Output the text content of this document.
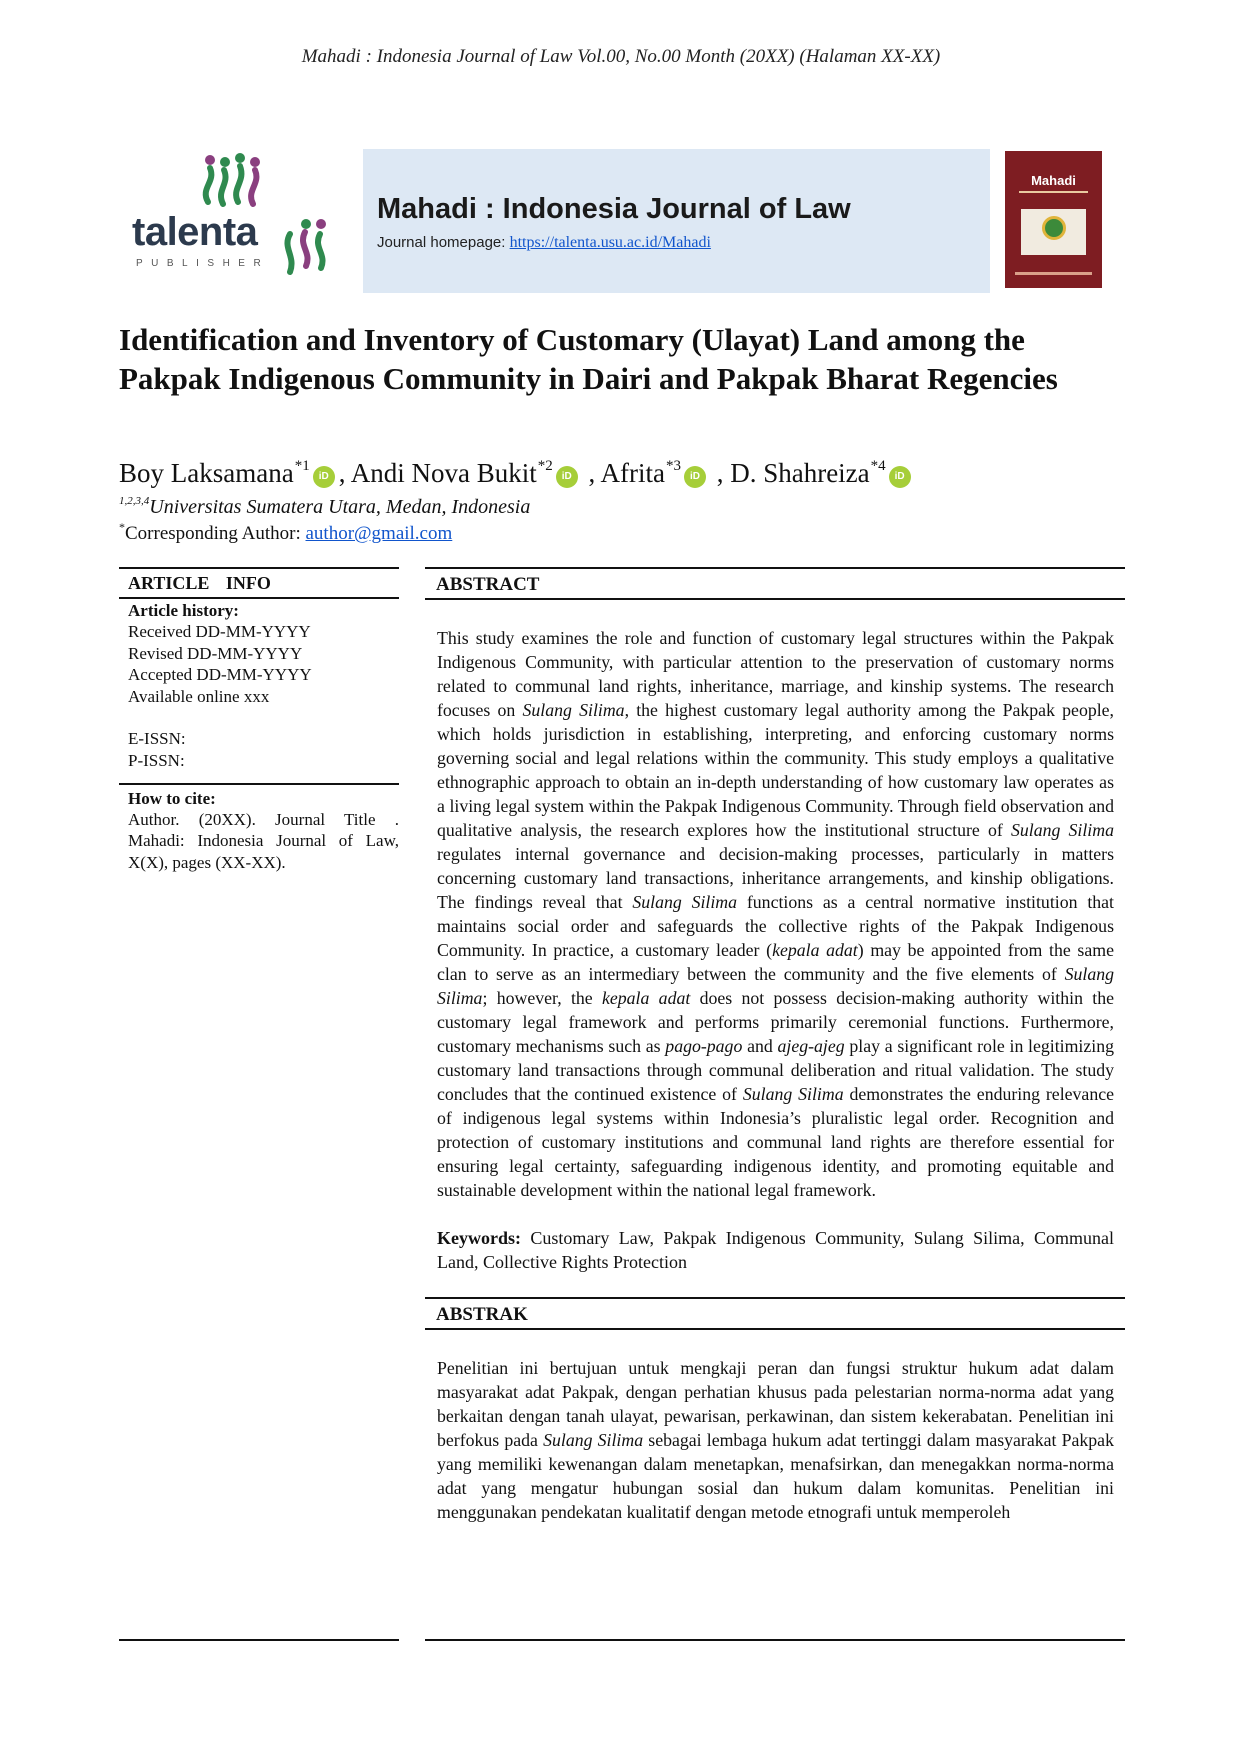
Mahadi : Indonesia Journal of Law Vol.00, No.00 Month (20XX) (Halaman XX-XX)
talenta
PUBLISHER
Mahadi : Indonesia Journal of Law
Journal homepage: https://talenta.usu.ac.id/Mahadi
Mahadi
Identification and Inventory of Customary (Ulayat) Land among the Pakpak Indigenous Community in Dairi and Pakpak Bharat Regencies
Boy Laksamana$^{*1}$iD , Andi Nova Bukit$^{*2}$iD , Afrita$^{*3}$iD , D. Shahreiza$^{*4}$iD
$^{1,2,3,4}$Universitas Sumatera Utara, Medan, Indonesia
*Corresponding Author: author@gmail.com
ARTICLE INFO
Article history:
Received DD-MM-YYYY
Revised DD-MM-YYYY
Accepted DD-MM-YYYY
Available online xxx
E-ISSN:
P-ISSN:
How to cite:
Author. (20XX). Journal Title . Mahadi: Indonesia Journal of Law, X(X), pages (XX-XX).
ABSTRACT

This study examines the role and function of customary legal structures within the Pakpak Indigenous Community, with particular attention to the preservation of customary norms related to communal land rights, inheritance, marriage, and kinship systems. The research focuses on Sulang Silima, the highest customary legal authority among the Pakpak people, which holds jurisdiction in establishing, interpreting, and enforcing customary norms governing social and legal relations within the community. This study employs a qualitative ethnographic approach to obtain an in-depth understanding of how customary law operates as a living legal system within the Pakpak Indigenous Community. Through field observation and qualitative analysis, the research explores how the institutional structure of Sulang Silima regulates internal governance and decision-making processes, particularly in matters concerning customary land transactions, inheritance arrangements, and kinship obligations. The findings reveal that Sulang Silima functions as a central normative institution that maintains social order and safeguards the collective rights of the Pakpak Indigenous Community. In practice, a customary leader (kepala adat) may be appointed from the same clan to serve as an intermediary between the community and the five elements of Sulang Silima; however, the kepala adat does not possess decision-making authority within the customary legal framework and performs primarily ceremonial functions. Furthermore, customary mechanisms such as pago-pago and ajeg-ajeg play a significant role in legitimizing customary land transactions through communal deliberation and ritual validation. The study concludes that the continued existence of Sulang Silima demonstrates the enduring relevance of indigenous legal systems within Indonesia’s pluralistic legal order. Recognition and protection of customary institutions and communal land rights are therefore essential for ensuring legal certainty, safeguarding indigenous identity, and promoting equitable and sustainable development within the national legal framework.

Keywords: Customary Law, Pakpak Indigenous Community, Sulang Silima, Communal Land, Collective Rights Protection

ABSTRAK

Penelitian ini bertujuan untuk mengkaji peran dan fungsi struktur hukum adat dalam masyarakat adat Pakpak, dengan perhatian khusus pada pelestarian norma-norma adat yang berkaitan dengan tanah ulayat, pewarisan, perkawinan, dan sistem kekerabatan. Penelitian ini berfokus pada Sulang Silima sebagai lembaga hukum adat tertinggi dalam masyarakat Pakpak yang memiliki kewenangan dalam menetapkan, menafsirkan, dan menegakkan norma-norma adat yang mengatur hubungan sosial dan hukum dalam komunitas. Penelitian ini menggunakan pendekatan kualitatif dengan metode etnografi untuk memperoleh
